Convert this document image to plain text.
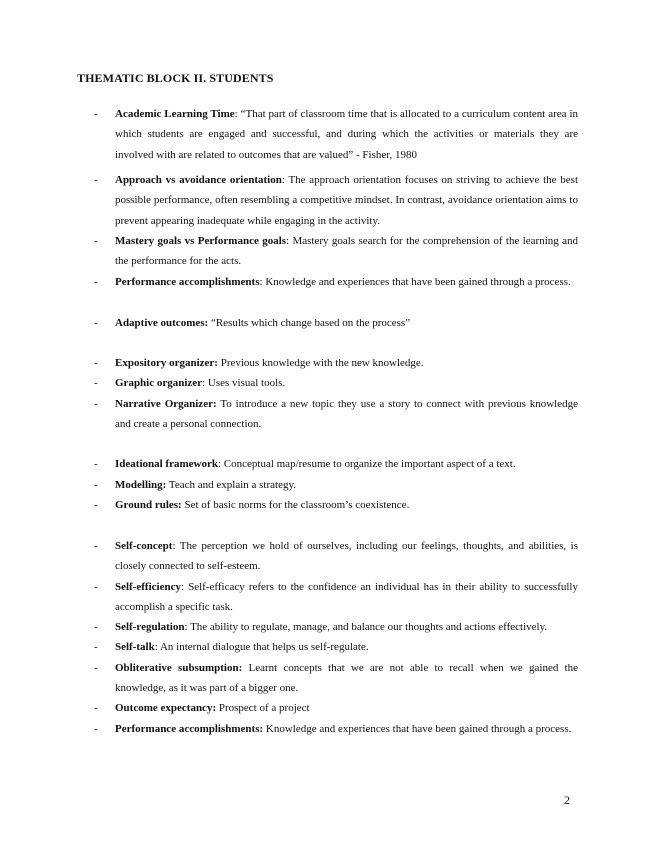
THEMATIC BLOCK II. STUDENTS
- Academic Learning Time: “That part of classroom time that is allocated to a curriculum content area in which students are engaged and successful, and during which the activities or materials they are involved with are related to outcomes that are valued” - Fisher, 1980
- Approach vs avoidance orientation: The approach orientation focuses on striving to achieve the best possible performance, often resembling a competitive mindset. In contrast, avoidance orientation aims to prevent appearing inadequate while engaging in the activity.
- Mastery goals vs Performance goals: Mastery goals search for the comprehension of the learning and the performance for the acts.
- Performance accomplishments: Knowledge and experiences that have been gained through a process.
- Adaptive outcomes: “Results which change based on the process”
- Expository organizer: Previous knowledge with the new knowledge.
- Graphic organizer: Uses visual tools.
- Narrative Organizer: To introduce a new topic they use a story to connect with previous knowledge and create a personal connection.
- Ideational framework: Conceptual map/resume to organize the important aspect of a text.
- Modelling: Teach and explain a strategy.
- Ground rules: Set of basic norms for the classroom’s coexistence.
- Self-concept: The perception we hold of ourselves, including our feelings, thoughts, and abilities, is closely connected to self-esteem.
- Self-efficiency: Self-efficacy refers to the confidence an individual has in their ability to successfully accomplish a specific task.
- Self-regulation: The ability to regulate, manage, and balance our thoughts and actions effectively.
- Self-talk: An internal dialogue that helps us self-regulate.
- Obliterative subsumption: Learnt concepts that we are not able to recall when we gained the knowledge, as it was part of a bigger one.
- Outcome expectancy: Prospect of a project
- Performance accomplishments: Knowledge and experiences that have been gained through a process.
2
